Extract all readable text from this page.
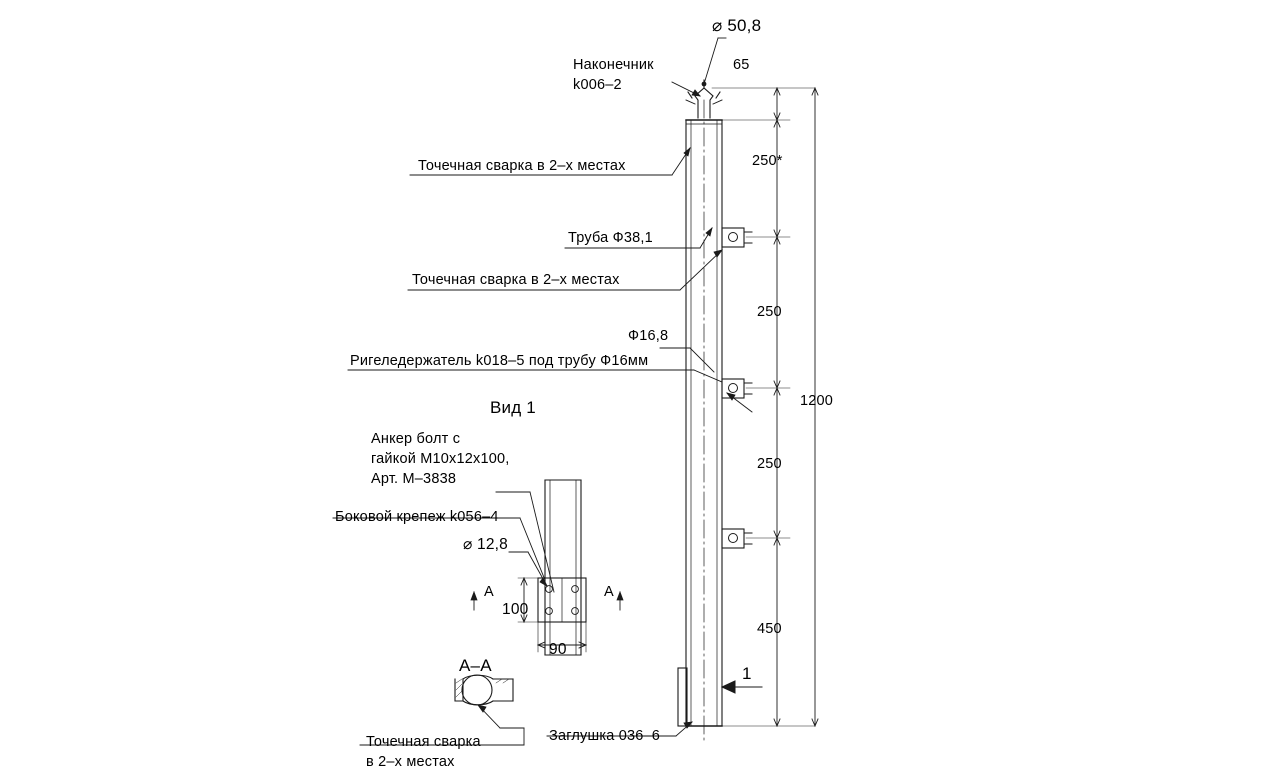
⌀ 50,8
Наконечник
k006–2
65
Точечная сварка в 2–х местах	250*
Труба Ф38,1
Точечная сварка в 2–х местах
250
Ф16,8
Ригеледержатель k018–5 под трубу Ф16мм
Вид 1	1200
Анкер болт с
гайкой М10х12х100,
Арт. М–3838
250
Боковой крепеж k056–4
⌀ 12,8
А	А
100
90
450
А–А	1
Точечная сварка
в 2–х местах
Заглушка 036–6
